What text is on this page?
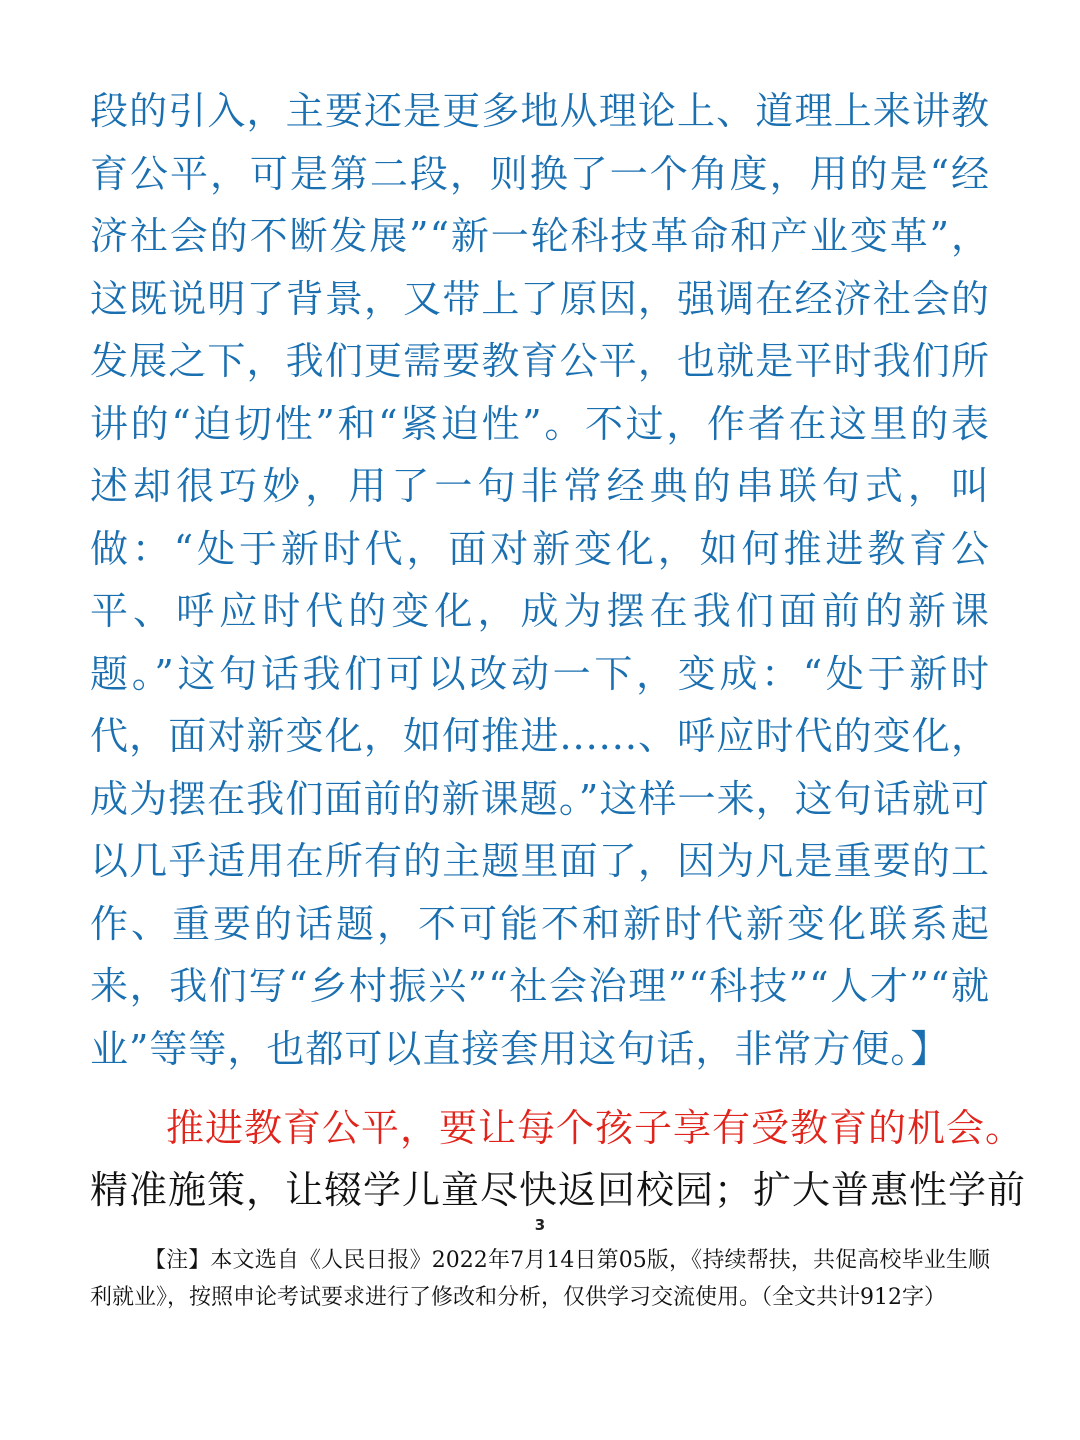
段的引入，主要还是更多地从理论上、道理上来讲教育公平，可是第二段，则换了一个角度，用的是“经济社会的不断发展”“新一轮科技革命和产业变革”，这既说明了背景，又带上了原因，强调在经济社会的发展之下，我们更需要教育公平，也就是平时我们所讲的“迫切性”和“紧迫性”。不过，作者在这里的表述却很巧妙，用了一句非常经典的串联句式，叫做：“处于新时代，面对新变化，如何推进教育公平、呼应时代的变化，成为摆在我们面前的新课题。”这句话我们可以改动一下，变成：“处于新时代，面对新变化，如何推进......、呼应时代的变化，成为摆在我们面前的新课题。”这样一来，这句话就可以几乎适用在所有的主题里面了，因为凡是重要的工作、重要的话题，不可能不和新时代新变化联系起来，我们写“乡村振兴”“社会治理”“科技”“人才”“就业”等等，也都可以直接套用这句话，非常方便。】

推进教育公平，要让每个孩子享有受教育的机会。

精准施策，让辍学儿童尽快返回校园；扩大普惠性学前

3

【注】本文选自《人民日报》2022年7月14日第05版，《持续帮扶，共促高校毕业生顺利就业》，按照申论考试要求进行了修改和分析，仅供学习交流使用。（全文共计912字）
